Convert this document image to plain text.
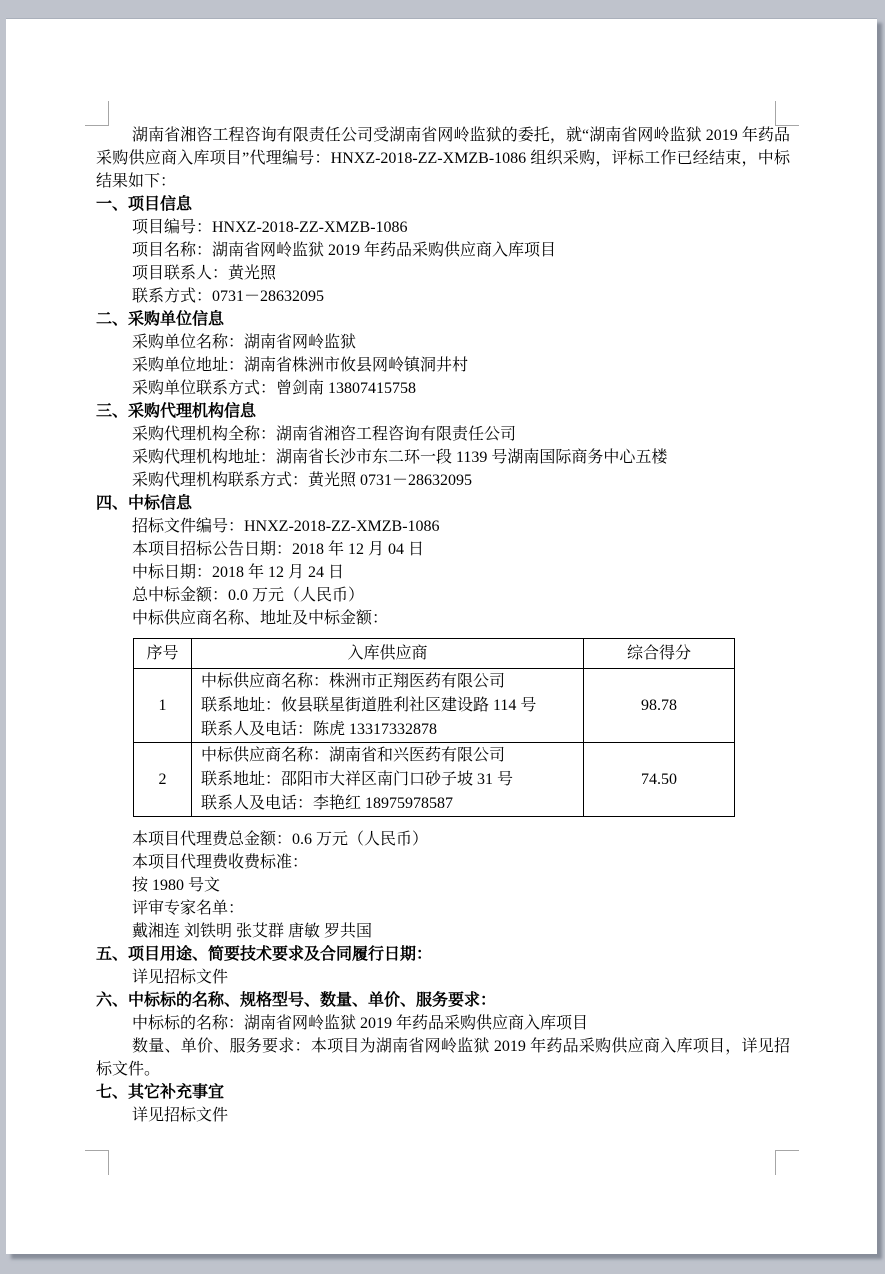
湖南省湘咨工程咨询有限责任公司受湖南省网岭监狱的委托，就“湖南省网岭监狱 2019 年药品采购供应商入库项目”代理编号：HNXZ-2018-ZZ-XMZB-1086 组织采购，评标工作已经结束，中标结果如下：

一、项目信息

项目编号：HNXZ-2018-ZZ-XMZB-1086

项目名称：湖南省网岭监狱 2019 年药品采购供应商入库项目

项目联系人：黄光照

联系方式：0731－28632095

二、采购单位信息

采购单位名称：湖南省网岭监狱

采购单位地址：湖南省株洲市攸县网岭镇洞井村

采购单位联系方式：曾剑南 13807415758

三、采购代理机构信息

采购代理机构全称：湖南省湘咨工程咨询有限责任公司

采购代理机构地址：湖南省长沙市东二环一段 1139 号湖南国际商务中心五楼

采购代理机构联系方式：黄光照 0731－28632095

四、中标信息

招标文件编号：HNXZ-2018-ZZ-XMZB-1086

本项目招标公告日期：2018 年 12 月 04 日

中标日期：2018 年 12 月 24 日

总中标金额：0.0 万元（人民币）

中标供应商名称、地址及中标金额：

序号	入库供应商	综合得分
1	中标供应商名称：株洲市正翔医药有限公司
联系地址：攸县联星街道胜利社区建设路 114 号
联系人及电话：陈虎 13317332878	98.78
2	中标供应商名称：湖南省和兴医药有限公司
联系地址：邵阳市大祥区南门口砂子坡 31 号
联系人及电话：李艳红 18975978587	74.50

本项目代理费总金额：0.6 万元（人民币）

本项目代理费收费标准：

按 1980 号文

评审专家名单：

戴湘连 刘铁明 张艾群 唐敏 罗共国

五、项目用途、简要技术要求及合同履行日期：

详见招标文件

六、中标标的名称、规格型号、数量、单价、服务要求：

中标标的名称：湖南省网岭监狱 2019 年药品采购供应商入库项目

数量、单价、服务要求：本项目为湖南省网岭监狱 2019 年药品采购供应商入库项目，详见招标文件。

七、其它补充事宜

详见招标文件
